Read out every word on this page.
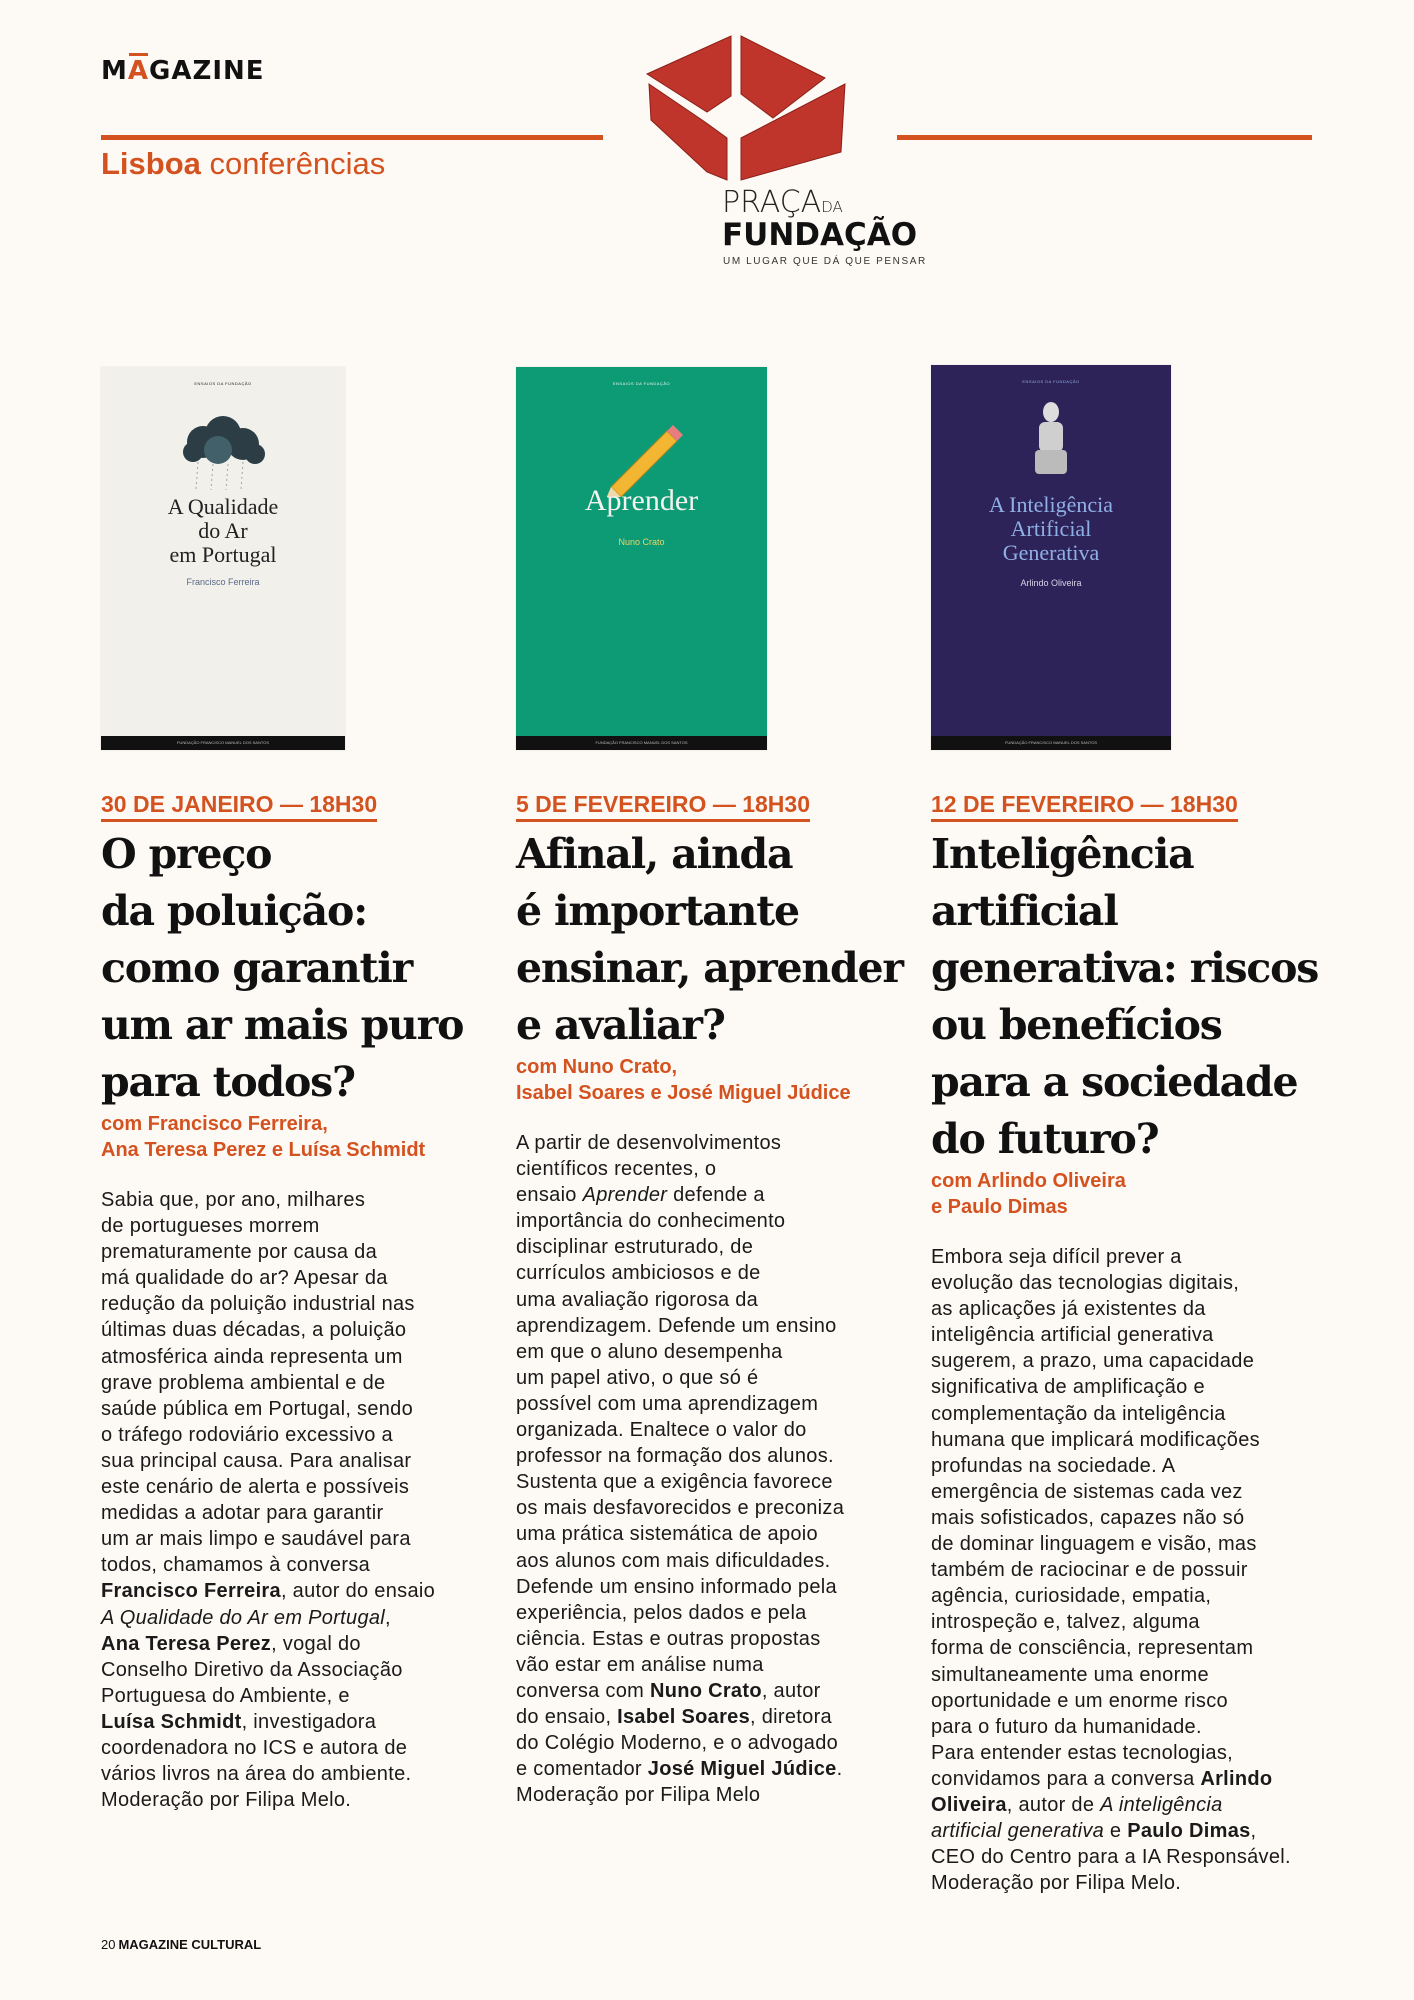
MAGAZINE
Lisboa conferências
PRAÇADA
FUNDAÇÃO
UM LUGAR QUE DÁ QUE PENSAR
ENSAIOS DA FUNDAÇÃO
A Qualidade
do Ar
em Portugal
Francisco Ferreira
FUNDAÇÃO FRANCISCO MANUEL DOS SANTOS
30 DE JANEIRO — 18H30
O preço
da poluição:
como garantir
um ar mais puro
para todos?
com Francisco Ferreira,
Ana Teresa Perez e Luísa Schmidt
Sabia que, por ano, milhares
de portugueses morrem
prematuramente por causa da
má qualidade do ar? Apesar da
redução da poluição industrial nas
últimas duas décadas, a poluição
atmosférica ainda representa um
grave problema ambiental e de
saúde pública em Portugal, sendo
o tráfego rodoviário excessivo a
sua principal causa. Para analisar
este cenário de alerta e possíveis
medidas a adotar para garantir
um ar mais limpo e saudável para
todos, chamamos à conversa
Francisco Ferreira, autor do ensaio
A Qualidade do Ar em Portugal,
Ana Teresa Perez, vogal do
Conselho Diretivo da Associação
Portuguesa do Ambiente, e
Luísa Schmidt, investigadora
coordenadora no ICS e autora de
vários livros na área do ambiente.
Moderação por Filipa Melo.
ENSAIOS DA FUNDAÇÃO
Aprender
Nuno Crato
FUNDAÇÃO FRANCISCO MANUEL DOS SANTOS
5 DE FEVEREIRO — 18H30
Afinal, ainda
é importante
ensinar, aprender
e avaliar?
com Nuno Crato,
Isabel Soares e José Miguel Júdice
A partir de desenvolvimentos
científicos recentes, o
ensaio Aprender defende a
importância do conhecimento
disciplinar estruturado, de
currículos ambiciosos e de
uma avaliação rigorosa da
aprendizagem. Defende um ensino
em que o aluno desempenha
um papel ativo, o que só é
possível com uma aprendizagem
organizada. Enaltece o valor do
professor na formação dos alunos.
Sustenta que a exigência favorece
os mais desfavorecidos e preconiza
uma prática sistemática de apoio
aos alunos com mais dificuldades.
Defende um ensino informado pela
experiência, pelos dados e pela
ciência. Estas e outras propostas
vão estar em análise numa
conversa com Nuno Crato, autor
do ensaio, Isabel Soares, diretora
do Colégio Moderno, e o advogado
e comentador José Miguel Júdice.
Moderação por Filipa Melo
ENSAIOS DA FUNDAÇÃO
A Inteligência
Artificial
Generativa
Arlindo Oliveira
FUNDAÇÃO FRANCISCO MANUEL DOS SANTOS
12 DE FEVEREIRO — 18H30
Inteligência
artificial
generativa: riscos
ou benefícios
para a sociedade
do futuro?
com Arlindo Oliveira
e Paulo Dimas
Embora seja difícil prever a
evolução das tecnologias digitais,
as aplicações já existentes da
inteligência artificial generativa
sugerem, a prazo, uma capacidade
significativa de amplificação e
complementação da inteligência
humana que implicará modificações
profundas na sociedade. A
emergência de sistemas cada vez
mais sofisticados, capazes não só
de dominar linguagem e visão, mas
também de raciocinar e de possuir
agência, curiosidade, empatia,
introspeção e, talvez, alguma
forma de consciência, representam
simultaneamente uma enorme
oportunidade e um enorme risco
para o futuro da humanidade.
Para entender estas tecnologias,
convidamos para a conversa Arlindo
Oliveira, autor de A inteligência
artificial generativa e Paulo Dimas,
CEO do Centro para a IA Responsável.
Moderação por Filipa Melo.
20 MAGAZINE CULTURAL
